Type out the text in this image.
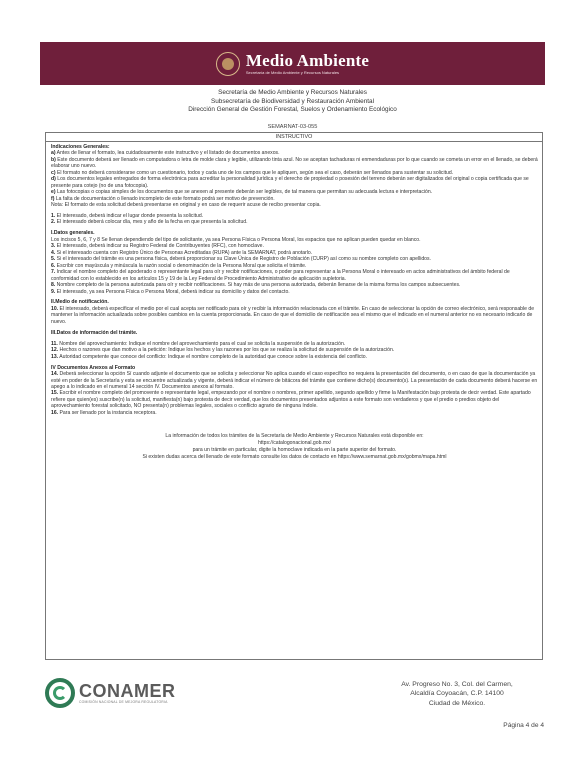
Medio Ambiente
Secretaría de Medio Ambiente y Recursos Naturales
Secretaría de Medio Ambiente y Recursos Naturales
Subsecretaría de Biodiversidad y Restauración Ambiental
Dirección General de Gestión Forestal, Suelos y Ordenamiento Ecológico
SEMARNAT-03-055
INSTRUCTIVO

Indicaciones Generales:

a) Antes de llenar el formato, lea cuidadosamente este instructivo y el listado de documentos anexos.

b) Este documento deberá ser llenado en computadora o letra de molde clara y legible, utilizando tinta azul. No se aceptan tachaduras ni enmendaduras por lo que cuando se cometa un error en el llenado, se deberá elaborar uno nuevo.

c) El formato no deberá considerarse como un cuestionario, todos y cada uno de los campos que le apliquen, según sea el caso, deberán ser llenados para sustentar su solicitud.

d) Los documentos legales entregados de forma electrónica para acreditar la personalidad jurídica y el derecho de propiedad o posesión del terreno deberán ser digitalizados del original o copia certificada que se presente para cotejo (no de una fotocopia).

e) Las fotocopias o copias simples de los documentos que se anexen al presente deberán ser legibles, de tal manera que permitan su adecuada lectura e interpretación.

f) La falta de documentación o llenado incompleto de este formato podrá ser motivo de prevención.

Nota: El formato de esta solicitud deberá presentarse en original y en caso de requerir acuse de recibo presentar copia.

1. El interesado, deberá indicar el lugar donde presenta la solicitud.

2. El interesado deberá colocar día, mes y año de la fecha en que presenta la solicitud.

I.Datos generales.

Los incisos 5, 6, 7 y 8 Se llenan dependiendo del tipo de solicitante, ya sea Persona Física o Persona Moral, los espacios que no aplican pueden quedar en blanco.

3. El interesado, deberá indicar su Registro Federal de Contribuyentes (RFC), con homoclave.

4. Si el interesado cuenta con Registro Único de Personas Acreditadas (RUPA) ante la SEMARNAT, podrá anotarlo.

5. Si el interesado del trámite es una persona física, deberá proporcionar su Clave Única de Registro de Población (CURP) así como su nombre completo con apellidos.

6. Escribir con mayúscula y minúscula la razón social o denominación de la Persona Moral que solicita el trámite.

7. Indicar el nombre completo del apoderado o representante legal para oír y recibir notificaciones, o poder para representar a la Persona Moral o interesado en actos administrativos del ámbito federal de conformidad con lo establecido en los artículos 15 y 19 de la Ley Federal de Procedimiento Administrativo de aplicación supletoria.

8. Nombre completo de la persona autorizada para oír y recibir notificaciones. Si hay más de una persona autorizada, deberán llenarse de la misma forma los campos subsecuentes.

9. El interesado, ya sea Persona Física o Persona Moral, deberá indicar su domicilio y datos del contacto.

II.Medio de notificación.

10. El interesado, deberá especificar el medio por el cual acepta ser notificado para oír y recibir la información relacionada con el trámite. En caso de seleccionar la opción de correo electrónico, será responsable de mantener la información actualizada sobre posibles cambios en la cuenta proporcionada. En caso de que el domicilio de notificación sea el mismo que el indicado en el numeral anterior no es necesario indicarlo de nuevo.

III.Datos de información del trámite.

11. Nombre del aprovechamiento: Indique el nombre del aprovechamiento para el cual se solicita la suspensión de la autorización.

12. Hechos o razones que dan motivo a la petición: Indique los hechos y las razones por los que se realiza la solicitud de suspensión de la autorización.

13. Autoridad competente que conoce del conflicto: Indique el nombre completo de la autoridad que conoce sobre la existencia del conflicto.

IV Documentos Anexos al Formato

14. Deberá seleccionar la opción Sí cuando adjunte el documento que se solicita y seleccionar No aplica cuando el caso específico no requiera la presentación del documento, o en caso de que la documentación ya esté en poder de la Secretaría y esta se encuentre actualizada y vigente, deberá indicar el número de bitácora del trámite que contiene dicho(s) documento(s). La presentación de cada documento deberá hacerse en apego a lo indicado en el numeral 14 sección IV. Documentos anexos al formato.

15. Escribir el nombre completo del promovente o representante legal, empezando por el nombre o nombres, primer apellido, segundo apellido y firme la Manifestación bajo protesta de decir verdad. Este apartado refiere que quien(es) suscribe(n) la solicitud, manifiesta(n) bajo protesta de decir verdad, que los documentos presentados adjuntos a este formato son verdaderos y que el predio o predios objeto del aprovechamiento forestal solicitado, NO presenta(n) problemas legales, sociales o conflicto agrario de ninguna índole.

16. Para ser llenado por la instancia receptora.

La información de todos los trámites de la Secretaría de Medio Ambiente y Recursos Naturales está disponible en:
https://catalogonacional.gob.mx/
para un trámite en particular, digite la homoclave indicada en la parte superior del formato.
Si existen dudas acerca del llenado de este formato consulte los datos de contacto en https://www.semarnat.gob.mx/gobmx/mapa.html
CONAMER
COMISIÓN NACIONAL DE MEJORA REGULATORIA
Av. Progreso No. 3, Col. del Carmen,
Alcaldía Coyoacán, C.P. 14100
Ciudad de México.
Página 4 de 4
